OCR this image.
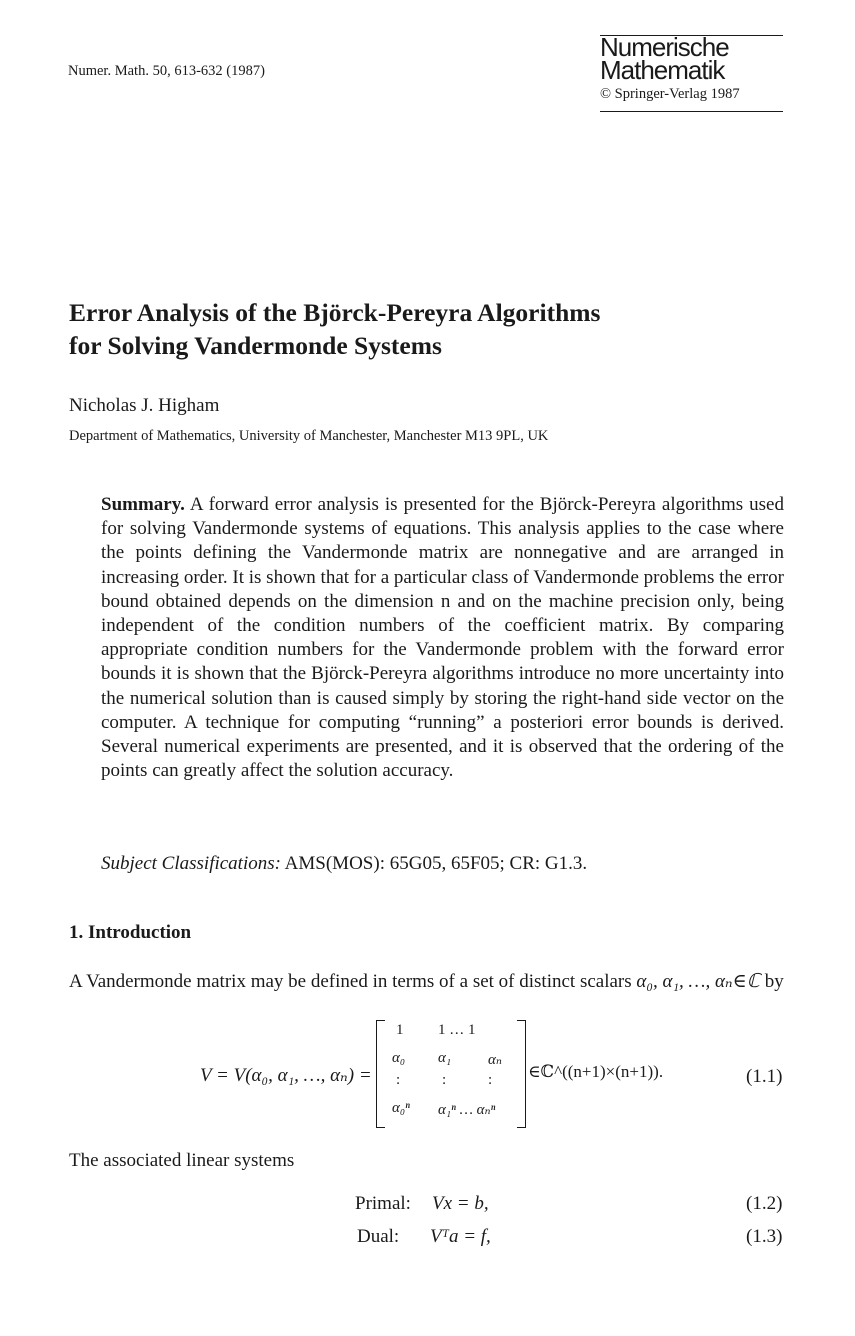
Numer. Math. 50, 613-632 (1987)
Numerische
Mathematik
© Springer-Verlag 1987
Error Analysis of the Björck-Pereyra Algorithms
for Solving Vandermonde Systems
Nicholas J. Higham
Department of Mathematics, University of Manchester, Manchester M13 9PL, UK
Summary. A forward error analysis is presented for the Björck-Pereyra algorithms used for solving Vandermonde systems of equations. This analysis applies to the case where the points defining the Vandermonde matrix are nonnegative and are arranged in increasing order. It is shown that for a particular class of Vandermonde problems the error bound obtained depends on the dimension n and on the machine precision only, being independent of the condition numbers of the coefficient matrix. By comparing appropriate condition numbers for the Vandermonde problem with the forward error bounds it is shown that the Björck-Pereyra algorithms introduce no more uncertainty into the numerical solution than is caused simply by storing the right-hand side vector on the computer. A technique for computing “running” a posteriori error bounds is derived. Several numerical experiments are presented, and it is observed that the ordering of the points can greatly affect the solution accuracy.
Subject Classifications: AMS(MOS): 65G05, 65F05; CR: G1.3.
1. Introduction
A Vandermonde matrix may be defined in terms of a set of distinct scalars α₀, α₁, …, αₙ∈ℂ by
V = V(α₀, α₁, …, αₙ) =
1 1 … 1
α₀ α₁ αₙ
:	:	:
α₀ⁿ α₁ⁿ … αₙⁿ
∈ℂ^((n+1)×(n+1)).	(1.1)
The associated linear systems
Primal: Vx = b,	(1.2)
Dual: Vᵀa = f,	(1.3)
